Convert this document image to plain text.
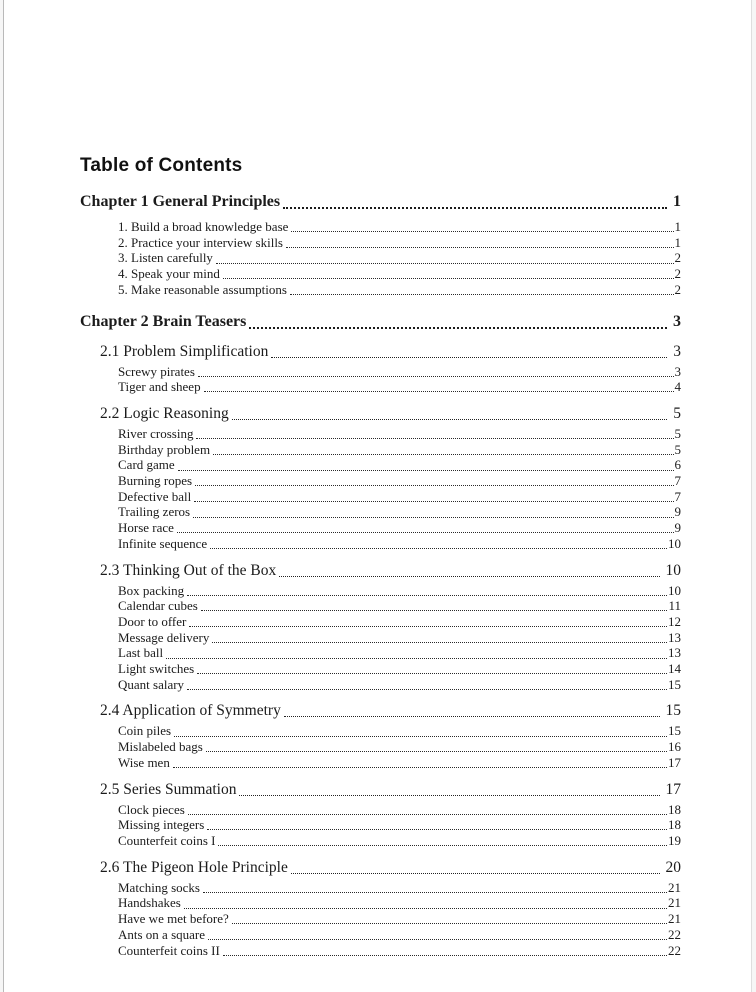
Table of Contents
Chapter 1 General Principles	1
1. Build a broad knowledge base	1
2. Practice your interview skills	1
3. Listen carefully	2
4. Speak your mind	2
5. Make reasonable assumptions	2
Chapter 2 Brain Teasers	3
2.1 Problem Simplification	3
Screwy pirates	3
Tiger and sheep	4
2.2 Logic Reasoning	5
River crossing	5
Birthday problem	5
Card game	6
Burning ropes	7
Defective ball	7
Trailing zeros	9
Horse race	9
Infinite sequence	10
2.3 Thinking Out of the Box	10
Box packing	10
Calendar cubes	11
Door to offer	12
Message delivery	13
Last ball	13
Light switches	14
Quant salary	15
2.4 Application of Symmetry	15
Coin piles	15
Mislabeled bags	16
Wise men	17
2.5 Series Summation	17
Clock pieces	18
Missing integers	18
Counterfeit coins I	19
2.6 The Pigeon Hole Principle	20
Matching socks	21
Handshakes	21
Have we met before?	21
Ants on a square	22
Counterfeit coins II	22
